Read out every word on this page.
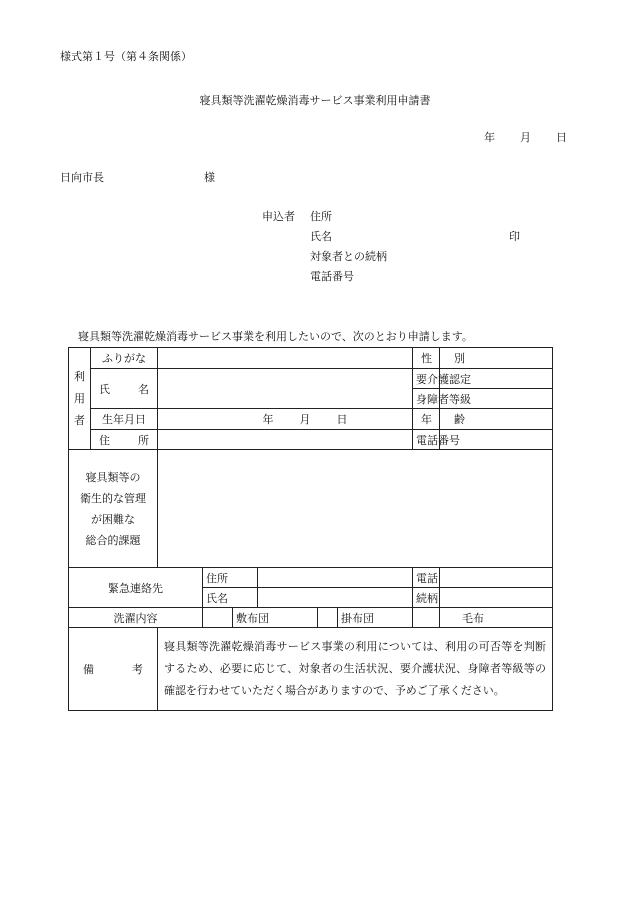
様式第１号（第４条関係）
寝具類等洗濯乾燥消毒サービス事業利用申請書
年 月 日
日向市長	様
申込者 住所
氏名	印
対象者との続柄
電話番号
寝具類等洗濯乾燥消毒サービス事業を利用したいので、次のとおり申請します。
利
用
者	ふりがな							性　　別	
	氏　　名							要介護認定	
								身障者等級	
	生年月日	年 月 日						年　　齢	
	住　　所							電話番号	

寝具類等の
衛生的な管理
が困難な
総合的課題									

緊急連絡先			住所					電話	
			氏名					続柄	
洗濯内容				敷布団			掛布団		毛布
備　　　考		寝具類等洗濯乾燥消毒サービス事業の利用については、利用の可否等を判断するため、必要に応じて、対象者の生活状況、要介護状況、身障者等級等の確認を行わせていただく場合がありますので、予めご了承ください。							
